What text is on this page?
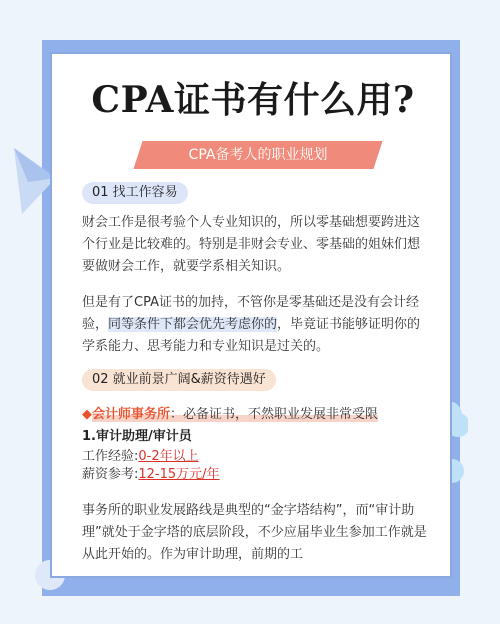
CPA证书有什么用?
CPA备考人的职业规划
01 找工作容易
财会工作是很考验个人专业知识的，所以零基础想要跨进这个行业是比较难的。特别是非财会专业、零基础的姐妹们想要做财会工作，就要学系相关知识。
但是有了CPA证书的加持，不管你是零基础还是没有会计经验，同等条件下都会优先考虑你的，毕竟证书能够证明你的学系能力、思考能力和专业知识是过关的。
02 就业前景广阔&薪资待遇好
◆会计师事务所：必备证书，不然职业发展非常受限
1.审计助理/审计员
工作经验:0-2年以上
薪资参考:12-15万元/年
事务所的职业发展路线是典型的“金字塔结构”，而“审计助理”就处于金字塔的底层阶段，不少应届毕业生参加工作就是从此开始的。作为审计助理，前期的工
